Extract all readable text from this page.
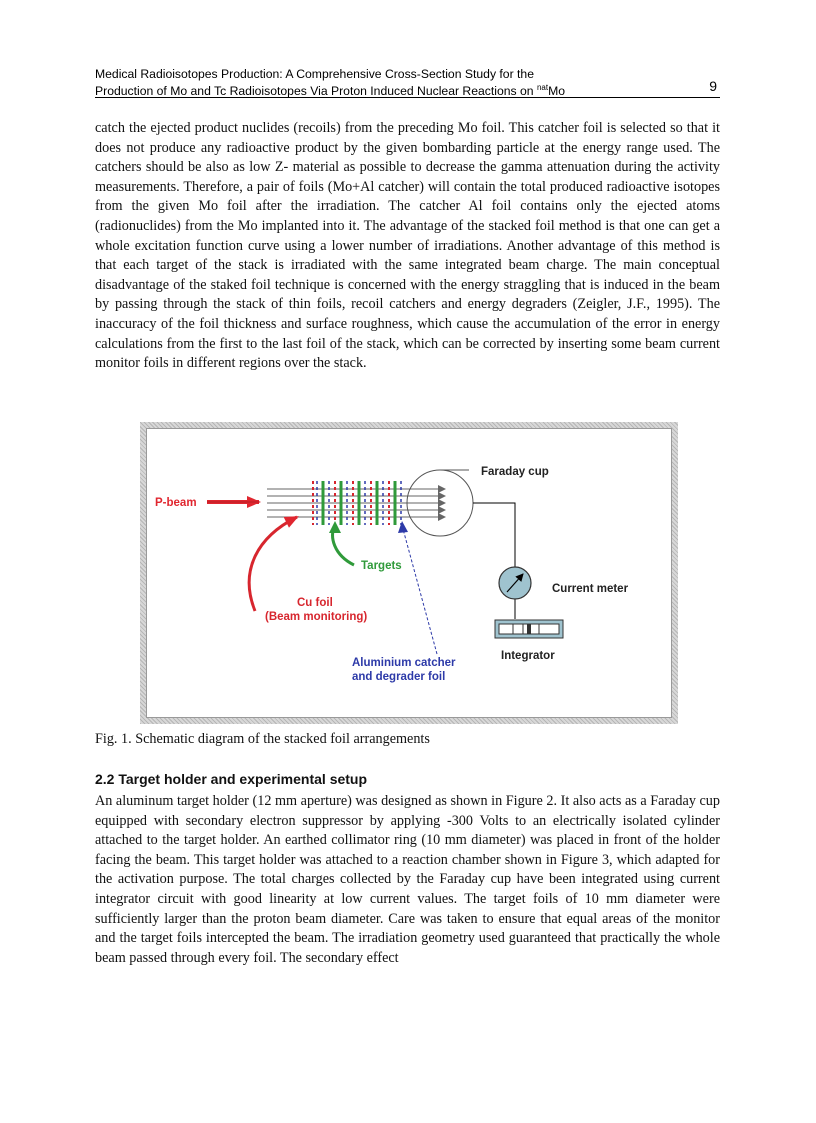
Medical Radioisotopes Production: A Comprehensive Cross-Section Study for the
Production of Mo and Tc Radioisotopes Via Proton Induced Nuclear Reactions on $^{nat}$Mo	9

catch the ejected product nuclides (recoils) from the preceding Mo foil. This catcher foil is selected so that it does not produce any radioactive product by the given bombarding particle at the energy range used. The catchers should be also as low Z- material as possible to decrease the gamma attenuation during the activity measurements. Therefore, a pair of foils (Mo+Al catcher) will contain the total produced radioactive isotopes from the given Mo foil after the irradiation. The catcher Al foil contains only the ejected atoms (radionuclides) from the Mo implanted into it. The advantage of the stacked foil method is that one can get a whole excitation function curve using a lower number of irradiations. Another advantage of this method is that each target of the stack is irradiated with the same integrated beam charge. The main conceptual disadvantage of the staked foil technique is concerned with the energy straggling that is induced in the beam by passing through the stack of thin foils, recoil catchers and energy degraders (Zeigler, J.F., 1995). The inaccuracy of the foil thickness and surface roughness, which cause the accumulation of the error in energy calculations from the first to the last foil of the stack, which can be corrected by inserting some beam current monitor foils in different regions over the stack.

P-beam
Faraday cup
Targets
Current meter
Cu foil
(Beam monitoring)
Integrator
Aluminium catcher
and degrader foil

Fig. 1. Schematic diagram of the stacked foil arrangements

2.2 Target holder and experimental setup

An aluminum target holder (12 mm aperture) was designed as shown in Figure 2. It also acts as a Faraday cup equipped with secondary electron suppressor by applying -300 Volts to an electrically isolated cylinder attached to the target holder. An earthed collimator ring (10 mm diameter) was placed in front of the holder facing the beam. This target holder was attached to a reaction chamber shown in Figure 3, which adapted for the activation purpose. The total charges collected by the Faraday cup have been integrated using current integrator circuit with good linearity at low current values. The target foils of 10 mm diameter were sufficiently larger than the proton beam diameter. Care was taken to ensure that equal areas of the monitor and the target foils intercepted the beam. The irradiation geometry used guaranteed that practically the whole beam passed through every foil. The secondary effect
